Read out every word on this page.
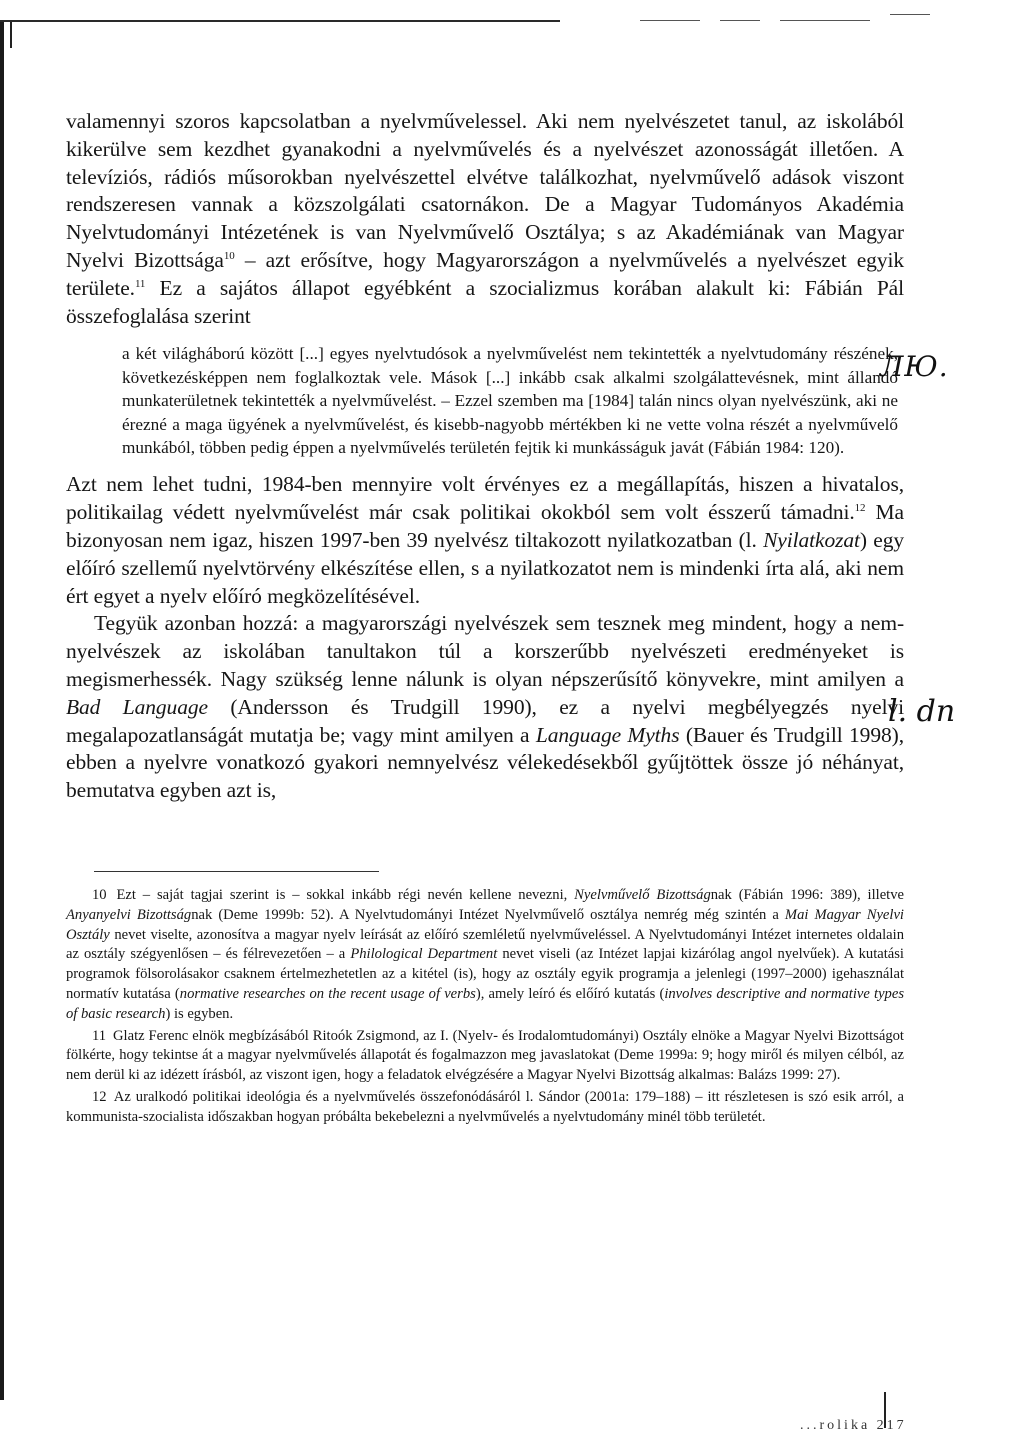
valamennyi szoros kapcsolatban a nyelvművelessel. Aki nem nyelvészetet tanul, az iskolából kikerülve sem kezdhet gyanakodni a nyelvművelés és a nyelvészet azonosságát illetően. A televíziós, rádiós műsorokban nyelvészettel elvétve találkozhat, nyelvművelő adások viszont rendszeresen vannak a közszolgálati csatornákon. De a Magyar Tudományos Akadémia Nyelvtudományi Intézetének is van Nyelvművelő Osztálya; s az Akadémiának van Magyar Nyelvi Bizottsága$^{10}$ – azt erősítve, hogy Magyarországon a nyelvművelés a nyelvészet egyik területe.$^{11}$ Ez a sajátos állapot egyébként a szocializmus korában alakult ki: Fábián Pál összefoglalása szerint

a két világháború között [...] egyes nyelvtudósok a nyelvművelést nem tekintették a nyelvtudomány részének, következésképpen nem foglalkoztak vele. Mások [...] inkább csak alkalmi szolgálattevésnek, mint állandó munkaterületnek tekintették a nyelvművelést. – Ezzel szemben ma [1984] talán nincs olyan nyelvészünk, aki ne érezné a maga ügyének a nyelvművelést, és kisebb-nagyobb mértékben ki ne vette volna részét a nyelvművelő munkából, többen pedig éppen a nyelvművelés területén fejtik ki munkásságuk javát (Fábián 1984: 120).

Azt nem lehet tudni, 1984-ben mennyire volt érvényes ez a megállapítás, hiszen a hivatalos, politikailag védett nyelvművelést már csak politikai okokból sem volt ésszerű támadni.$^{12}$ Ma bizonyosan nem igaz, hiszen 1997-ben 39 nyelvész tiltakozott nyilatkozatban (l. Nyilatkozat) egy előíró szellemű nyelvtörvény elkészítése ellen, s a nyilatkozatot nem is mindenki írta alá, aki nem ért egyet a nyelv előíró megközelítésével.

Tegyük azonban hozzá: a magyarországi nyelvészek sem tesznek meg mindent, hogy a nem-nyelvészek az iskolában tanultakon túl a korszerűbb nyelvészeti eredményeket is megismerhessék. Nagy szükség lenne nálunk is olyan népszerűsítő könyvekre, mint amilyen a Bad Language (Andersson és Trudgill 1990), ez a nyelvi megbélyegzés nyelvi megalapozatlanságát mutatja be; vagy mint amilyen a Language Myths (Bauer és Trudgill 1998), ebben a nyelvre vonatkozó gyakori nemnyelvész vélekedésekből gyűjtöttek össze jó néhányat, bemutatva egyben azt is,

10 Ezt – saját tagjai szerint is – sokkal inkább régi nevén kellene nevezni, Nyelvművelő Bizottságnak (Fábián 1996: 389), illetve Anyanyelvi Bizottságnak (Deme 1999b: 52). A Nyelvtudományi Intézet Nyelvművelő osztálya nemrég még szintén a Mai Magyar Nyelvi Osztály nevet viselte, azonosítva a magyar nyelv leírását az előíró szemléletű nyelvműveléssel. A Nyelvtudományi Intézet internetes oldalain az osztály szégyenlősen – és félrevezetően – a Philological Department nevet viseli (az Intézet lapjai kizárólag angol nyelvűek). A kutatási programok fölsorolásakor csaknem értelmezhetetlen az a kitétel (is), hogy az osztály egyik programja a jelenlegi (1997–2000) igehasználat normatív kutatása (normative researches on the recent usage of verbs), amely leíró és előíró kutatás (involves descriptive and normative types of basic research) is egyben.

11 Glatz Ferenc elnök megbízásából Ritoók Zsigmond, az I. (Nyelv- és Irodalomtudományi) Osztály elnöke a Magyar Nyelvi Bizottságot fölkérte, hogy tekintse át a magyar nyelvművelés állapotát és fogalmazzon meg javaslatokat (Deme 1999a: 9; hogy miről és milyen célból, az nem derül ki az idézett írásból, az viszont igen, hogy a feladatok elvégzésére a Magyar Nyelvi Bizottság alkalmas: Balázs 1999: 27).

12 Az uralkodó politikai ideológia és a nyelvművelés összefonódásáról l. Sándor (2001a: 179–188) – itt részletesen is szó esik arról, a kommunista-szocialista időszakban hogyan próbálta bekebelezni a nyelvművelés a nyelvtudomány minél több területét.

ЛЮ.
l. dn
...rolika 217
